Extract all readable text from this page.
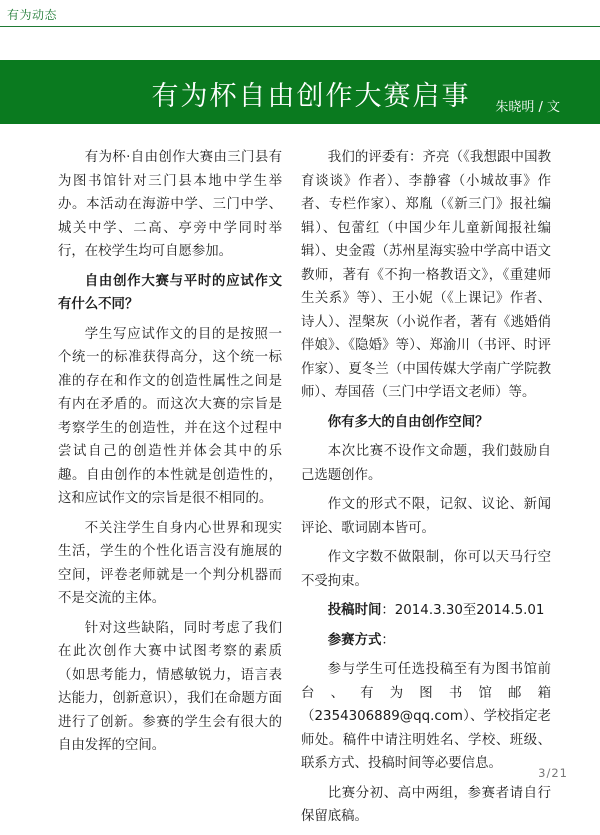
有为动态
有为杯自由创作大赛启事	朱晓明 / 文

有为杯·自由创作大赛由三门县有为图书馆针对三门县本地中学生举办。本活动在海游中学、三门中学、城关中学、二高、亭旁中学同时举行，在校学生均可自愿参加。

自由创作大赛与平时的应试作文有什么不同？

学生写应试作文的目的是按照一个统一的标准获得高分，这个统一标准的存在和作文的创造性属性之间是有内在矛盾的。而这次大赛的宗旨是考察学生的创造性，并在这个过程中尝试自己的创造性并体会其中的乐趣。自由创作的本性就是创造性的，这和应试作文的宗旨是很不相同的。

不关注学生自身内心世界和现实生活，学生的个性化语言没有施展的空间，评卷老师就是一个判分机器而不是交流的主体。

针对这些缺陷，同时考虑了我们在此次创作大赛中试图考察的素质（如思考能力，情感敏锐力，语言表达能力，创新意识），我们在命题方面进行了创新。参赛的学生会有很大的自由发挥的空间。

我们的评委有：齐亮（《我想跟中国教育谈谈》作者）、李静睿（小城故事》作者、专栏作家）、郑胤（《新三门》报社编辑）、包蕾红（中国少年儿童新闻报社编辑）、史金霞（苏州星海实验中学高中语文教师，著有《不拘一格教语文》，《重建师生关系》等）、王小妮（《上课记》作者、诗人）、涅槃灰（小说作者，著有《逃婚俏伴娘》、《隐婚》等）、郑渝川（书评、时评作家）、夏冬兰（中国传媒大学南广学院教师）、寿国蓓（三门中学语文老师）等。

你有多大的自由创作空间？

本次比赛不设作文命题，我们鼓励自己选题创作。

作文的形式不限，记叙、议论、新闻评论、歌词剧本皆可。

作文字数不做限制，你可以天马行空不受拘束。

投稿时间：2014.3.30至2014.5.01

参赛方式：

参与学生可任选投稿至有为图书馆前台、有为图书馆邮箱（2354306889@qq.com）、学校指定老师处。稿件中请注明姓名、学校、班级、联系方式、投稿时间等必要信息。

比赛分初、高中两组，参赛者请自行保留底稿。

3/21
